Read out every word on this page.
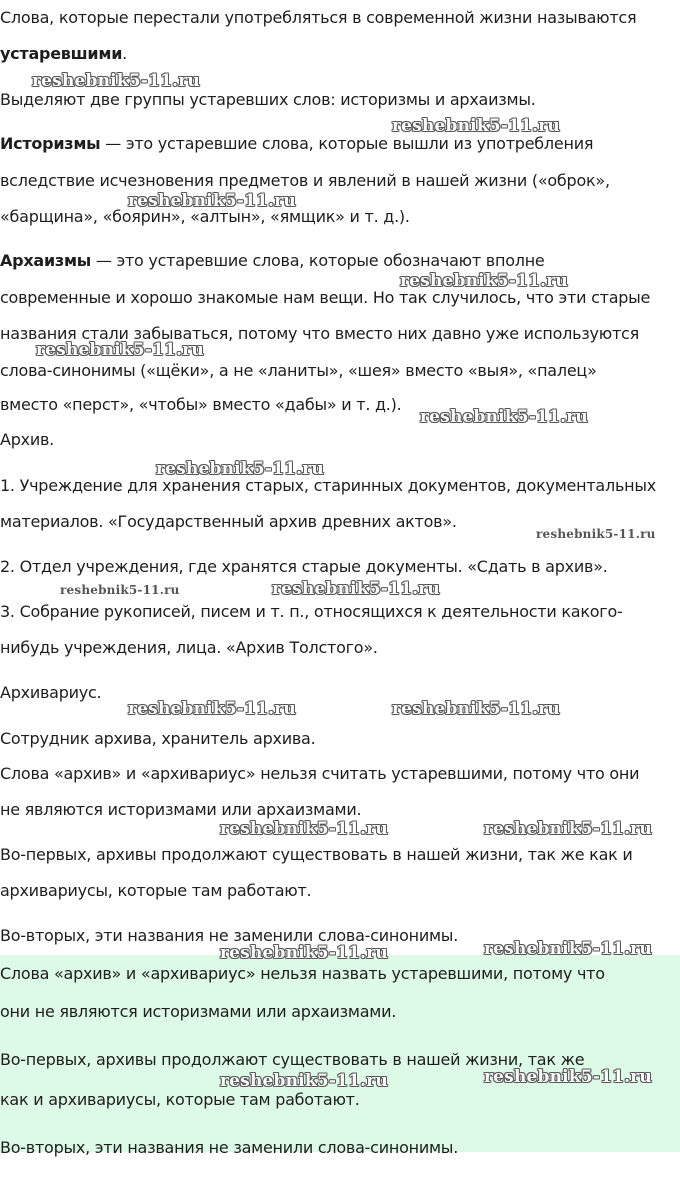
Слова, которые перестали употребляться в современной жизни называются
устаревшими.
Выделяют две группы устаревших слов: историзмы и архаизмы.
Историзмы — это устаревшие слова, которые вышли из употребления
вследствие исчезновения предметов и явлений в нашей жизни («оброк»,
«барщина», «боярин», «алтын», «ямщик» и т. д.).
Архаизмы — это устаревшие слова, которые обозначают вполне
современные и хорошо знакомые нам вещи. Но так случилось, что эти старые
названия стали забываться, потому что вместо них давно уже используются
слова-синонимы («щёки», а не «ланиты», «шея» вместо «выя», «палец»
вместо «перст», «чтобы» вместо «дабы» и т. д.).
Архив.
1. Учреждение для хранения старых, старинных документов, документальных
материалов. «Государственный архив древних актов».
2. Отдел учреждения, где хранятся старые документы. «Сдать в архив».
3. Собрание рукописей, писем и т. п., относящихся к деятельности какого-
нибудь учреждения, лица. «Архив Толстого».
Архивариус.
Сотрудник архива, хранитель архива.
Слова «архив» и «архивариус» нельзя считать устаревшими, потому что они
не являются историзмами или архаизмами.
Во-первых, архивы продолжают существовать в нашей жизни, так же как и
архивариусы, которые там работают.
Во-вторых, эти названия не заменили слова-синонимы.
Слова «архив» и «архивариус» нельзя назвать устаревшими, потому что
они не являются историзмами или архаизмами.
Во-первых, архивы продолжают существовать в нашей жизни, так же
как и архивариусы, которые там работают.
Во-вторых, эти названия не заменили слова-синонимы.
reshebnik5-11.ru
reshebnik5-11.ru
reshebnik5-11.ru
reshebnik5-11.ru
reshebnik5-11.ru
reshebnik5-11.ru
reshebnik5-11.ru
reshebnik5-11.ru
reshebnik5-11.ru	reshebnik5-11.ru
reshebnik5-11.ru	reshebnik5-11.ru
reshebnik5-11.ru	reshebnik5-11.ru
reshebnik5-11.ru	reshebnik5-11.ru
reshebnik5-11.ru	reshebnik5-11.ru
